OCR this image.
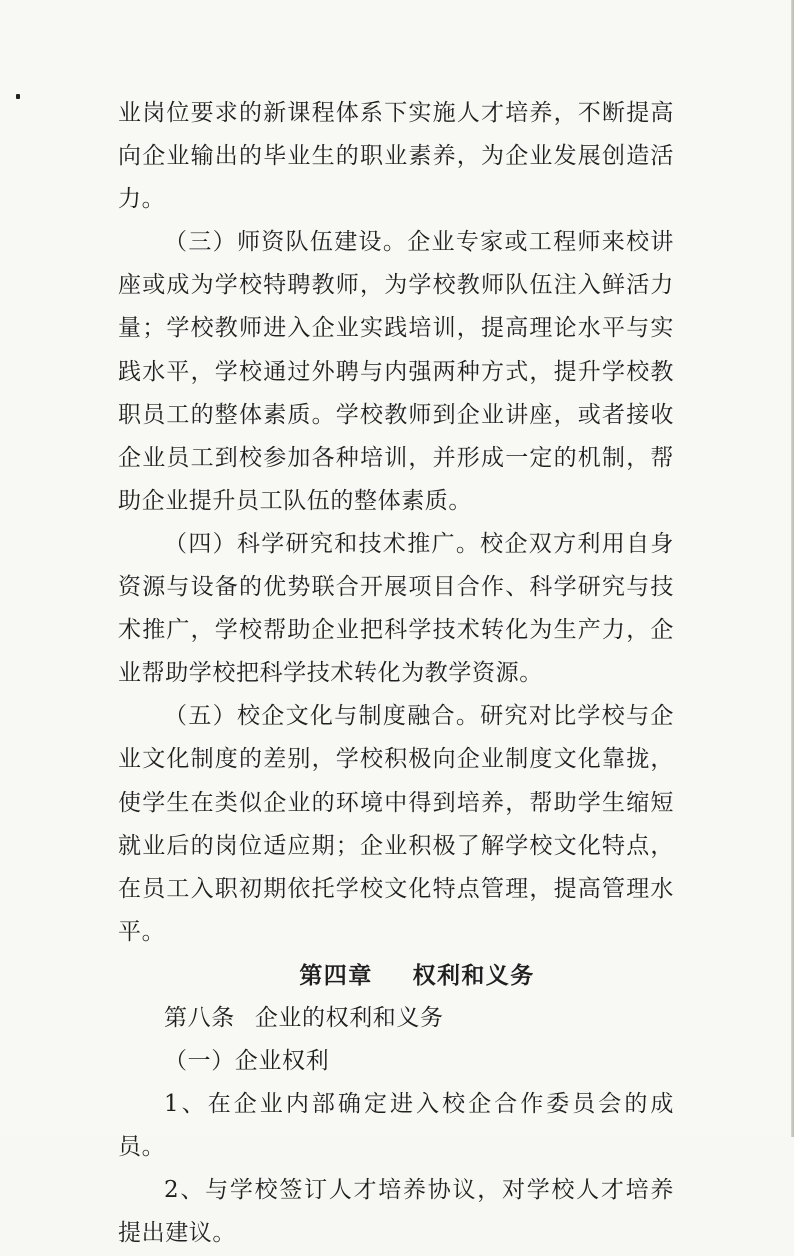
业岗位要求的新课程体系下实施人才培养，不断提高向企业输出的毕业生的职业素养，为企业发展创造活力。

（三）师资队伍建设。企业专家或工程师来校讲座或成为学校特聘教师，为学校教师队伍注入鲜活力量；学校教师进入企业实践培训，提高理论水平与实践水平，学校通过外聘与内强两种方式，提升学校教职员工的整体素质。学校教师到企业讲座，或者接收企业员工到校参加各种培训，并形成一定的机制，帮助企业提升员工队伍的整体素质。

（四）科学研究和技术推广。校企双方利用自身资源与设备的优势联合开展项目合作、科学研究与技术推广，学校帮助企业把科学技术转化为生产力，企业帮助学校把科学技术转化为教学资源。

（五）校企文化与制度融合。研究对比学校与企业文化制度的差别，学校积极向企业制度文化靠拢，使学生在类似企业的环境中得到培养，帮助学生缩短就业后的岗位适应期；企业积极了解学校文化特点，在员工入职初期依托学校文化特点管理，提高管理水平。

第四章 权利和义务

第八条 企业的权利和义务

（一）企业权利

1、在企业内部确定进入校企合作委员会的成员。

2、与学校签订人才培养协议，对学校人才培养提出建议。
